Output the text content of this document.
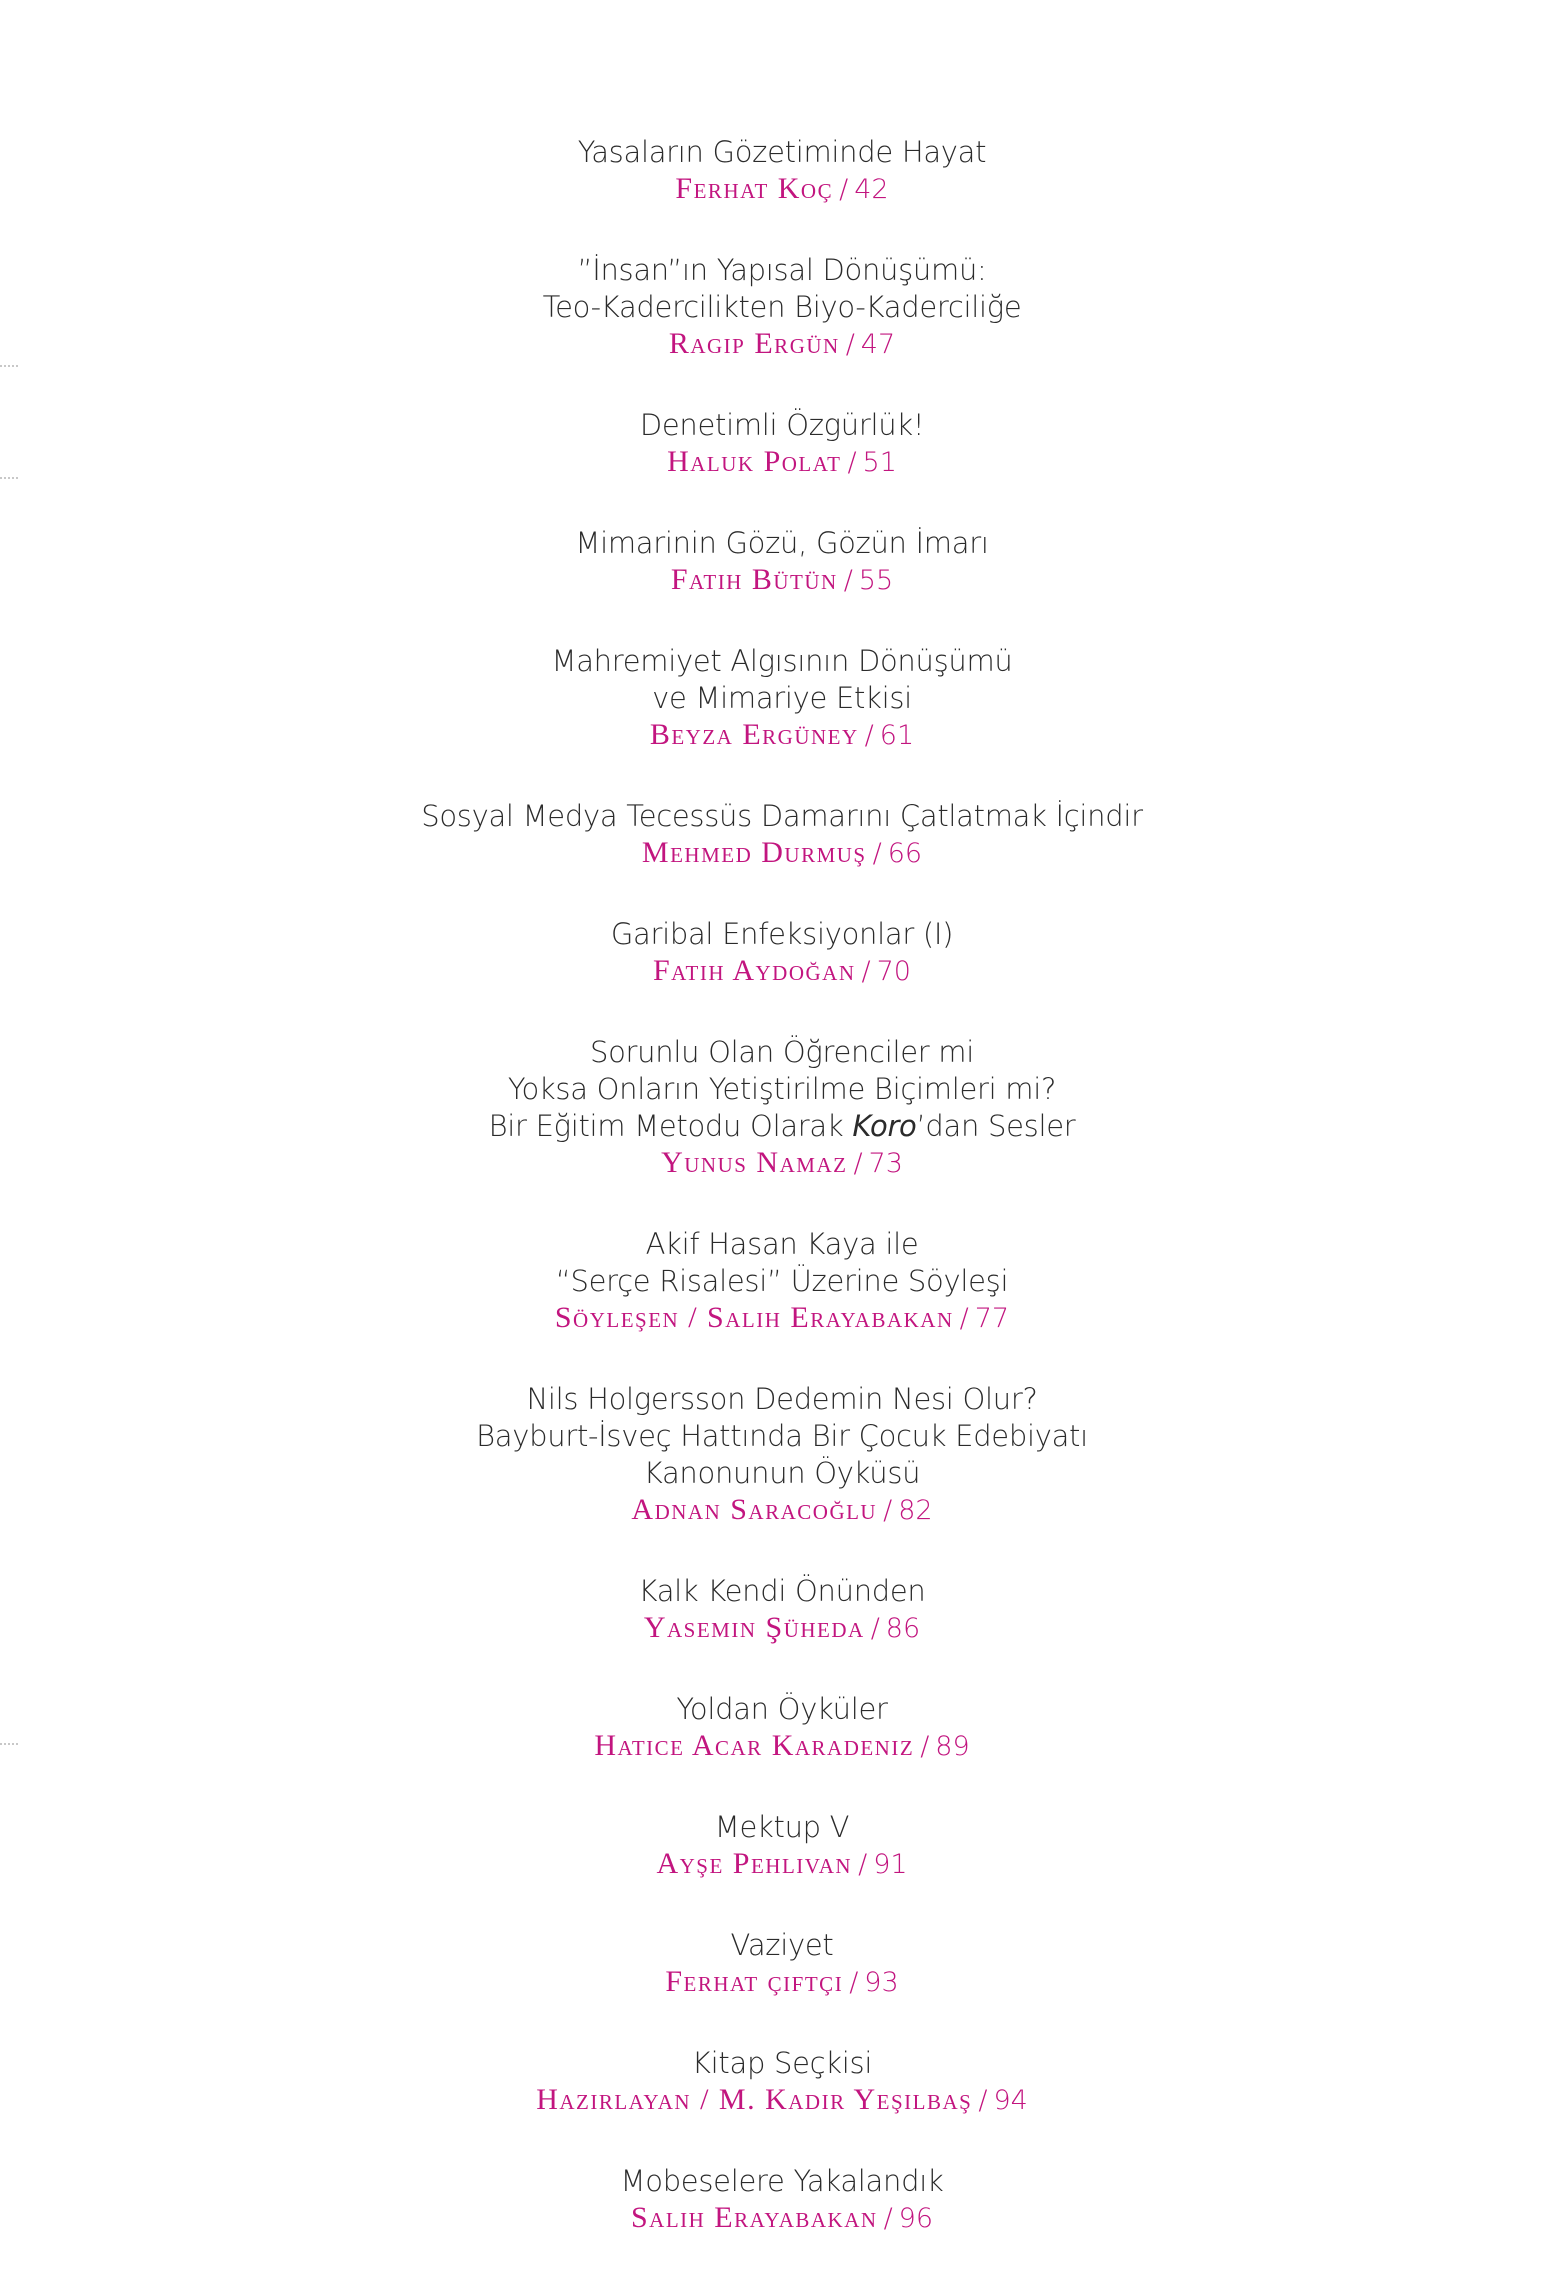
Yasaların Gözetiminde Hayat
Ferhat Koç / 42
”İnsan”ın Yapısal Dönüşümü:
Teo-Kadercilikten Biyo-Kaderciliğe
Ragıp Ergün / 47
Denetimli Özgürlük!
Haluk Polat / 51
Mimarinin Gözü, Gözün İmarı
Fatih Bütün / 55
Mahremiyet Algısının Dönüşümü
ve Mimariye Etkisi
Beyza Ergüney / 61
Sosyal Medya Tecessüs Damarını Çatlatmak İçindir
Mehmed Durmuş / 66
Garibal Enfeksiyonlar (I)
Fatih Aydoğan / 70
Sorunlu Olan Öğrenciler mi
Yoksa Onların Yetiştirilme Biçimleri mi?
Bir Eğitim Metodu Olarak Koro’dan Sesler
Yunus Namaz / 73
Akif Hasan Kaya ile
“Serçe Risalesi” Üzerine Söyleşi
Söyleşen / Salih Erayabakan / 77
Nils Holgersson Dedemin Nesi Olur?
Bayburt-İsveç Hattında Bir Çocuk Edebiyatı
Kanonunun Öyküsü
Adnan Saracoğlu / 82
Kalk Kendi Önünden
Yasemin Şüheda / 86
Yoldan Öyküler
Hatice Acar Karadeniz / 89
Mektup V
Ayşe Pehlivan / 91
Vaziyet
Ferhat çiftçi / 93
Kitap Seçkisi
Hazırlayan / M. Kadir Yeşilbaş / 94
Mobeselere Yakalandık
Salih Erayabakan / 96
